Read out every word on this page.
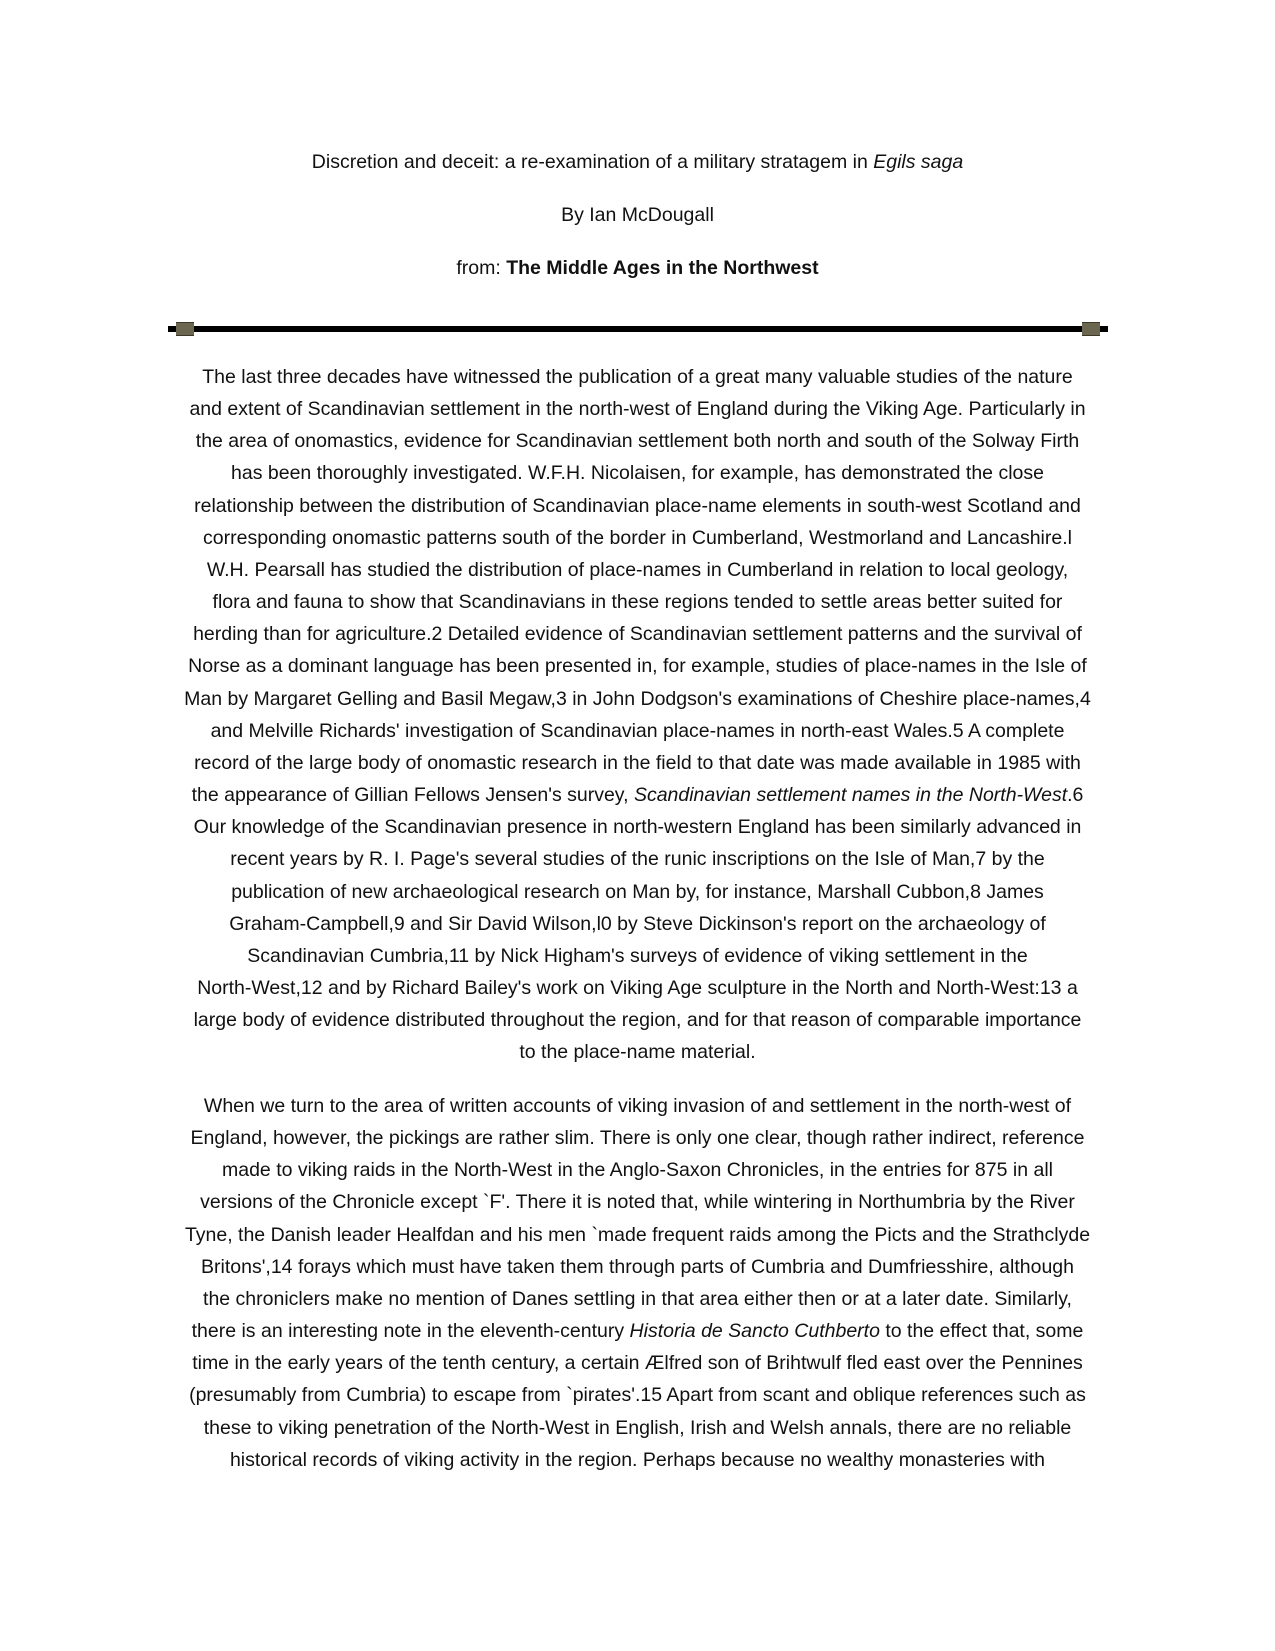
Discretion and deceit: a re-examination of a military stratagem in Egils saga
By Ian McDougall
from: The Middle Ages in the Northwest
The last three decades have witnessed the publication of a great many valuable studies of the nature
and extent of Scandinavian settlement in the north-west of England during the Viking Age. Particularly in
the area of onomastics, evidence for Scandinavian settlement both north and south of the Solway Firth
has been thoroughly investigated. W.F.H. Nicolaisen, for example, has demonstrated the close
relationship between the distribution of Scandinavian place-name elements in south-west Scotland and
corresponding onomastic patterns south of the border in Cumberland, Westmorland and Lancashire.l
W.H. Pearsall has studied the distribution of place-names in Cumberland in relation to local geology,
flora and fauna to show that Scandinavians in these regions tended to settle areas better suited for
herding than for agriculture.2 Detailed evidence of Scandinavian settlement patterns and the survival of
Norse as a dominant language has been presented in, for example, studies of place-names in the Isle of
Man by Margaret Gelling and Basil Megaw,3 in John Dodgson's examinations of Cheshire place-names,4
and Melville Richards' investigation of Scandinavian place-names in north-east Wales.5 A complete
record of the large body of onomastic research in the field to that date was made available in 1985 with
the appearance of Gillian Fellows Jensen's survey, Scandinavian settlement names in the North-West.6
Our knowledge of the Scandinavian presence in north-western England has been similarly advanced in
recent years by R. I. Page's several studies of the runic inscriptions on the Isle of Man,7 by the
publication of new archaeological research on Man by, for instance, Marshall Cubbon,8 James
Graham-Campbell,9 and Sir David Wilson,l0 by Steve Dickinson's report on the archaeology of
Scandinavian Cumbria,11 by Nick Higham's surveys of evidence of viking settlement in the
North-West,12 and by Richard Bailey's work on Viking Age sculpture in the North and North-West:13 a
large body of evidence distributed throughout the region, and for that reason of comparable importance
to the place-name material.
When we turn to the area of written accounts of viking invasion of and settlement in the north-west of
England, however, the pickings are rather slim. There is only one clear, though rather indirect, reference
made to viking raids in the North-West in the Anglo-Saxon Chronicles, in the entries for 875 in all
versions of the Chronicle except `F'. There it is noted that, while wintering in Northumbria by the River
Tyne, the Danish leader Healfdan and his men `made frequent raids among the Picts and the Strathclyde
Britons',14 forays which must have taken them through parts of Cumbria and Dumfriesshire, although
the chroniclers make no mention of Danes settling in that area either then or at a later date. Similarly,
there is an interesting note in the eleventh-century Historia de Sancto Cuthberto to the effect that, some
time in the early years of the tenth century, a certain Ælfred son of Brihtwulf fled east over the Pennines
(presumably from Cumbria) to escape from `pirates'.15 Apart from scant and oblique references such as
these to viking penetration of the North-West in English, Irish and Welsh annals, there are no reliable
historical records of viking activity in the region. Perhaps because no wealthy monasteries with
